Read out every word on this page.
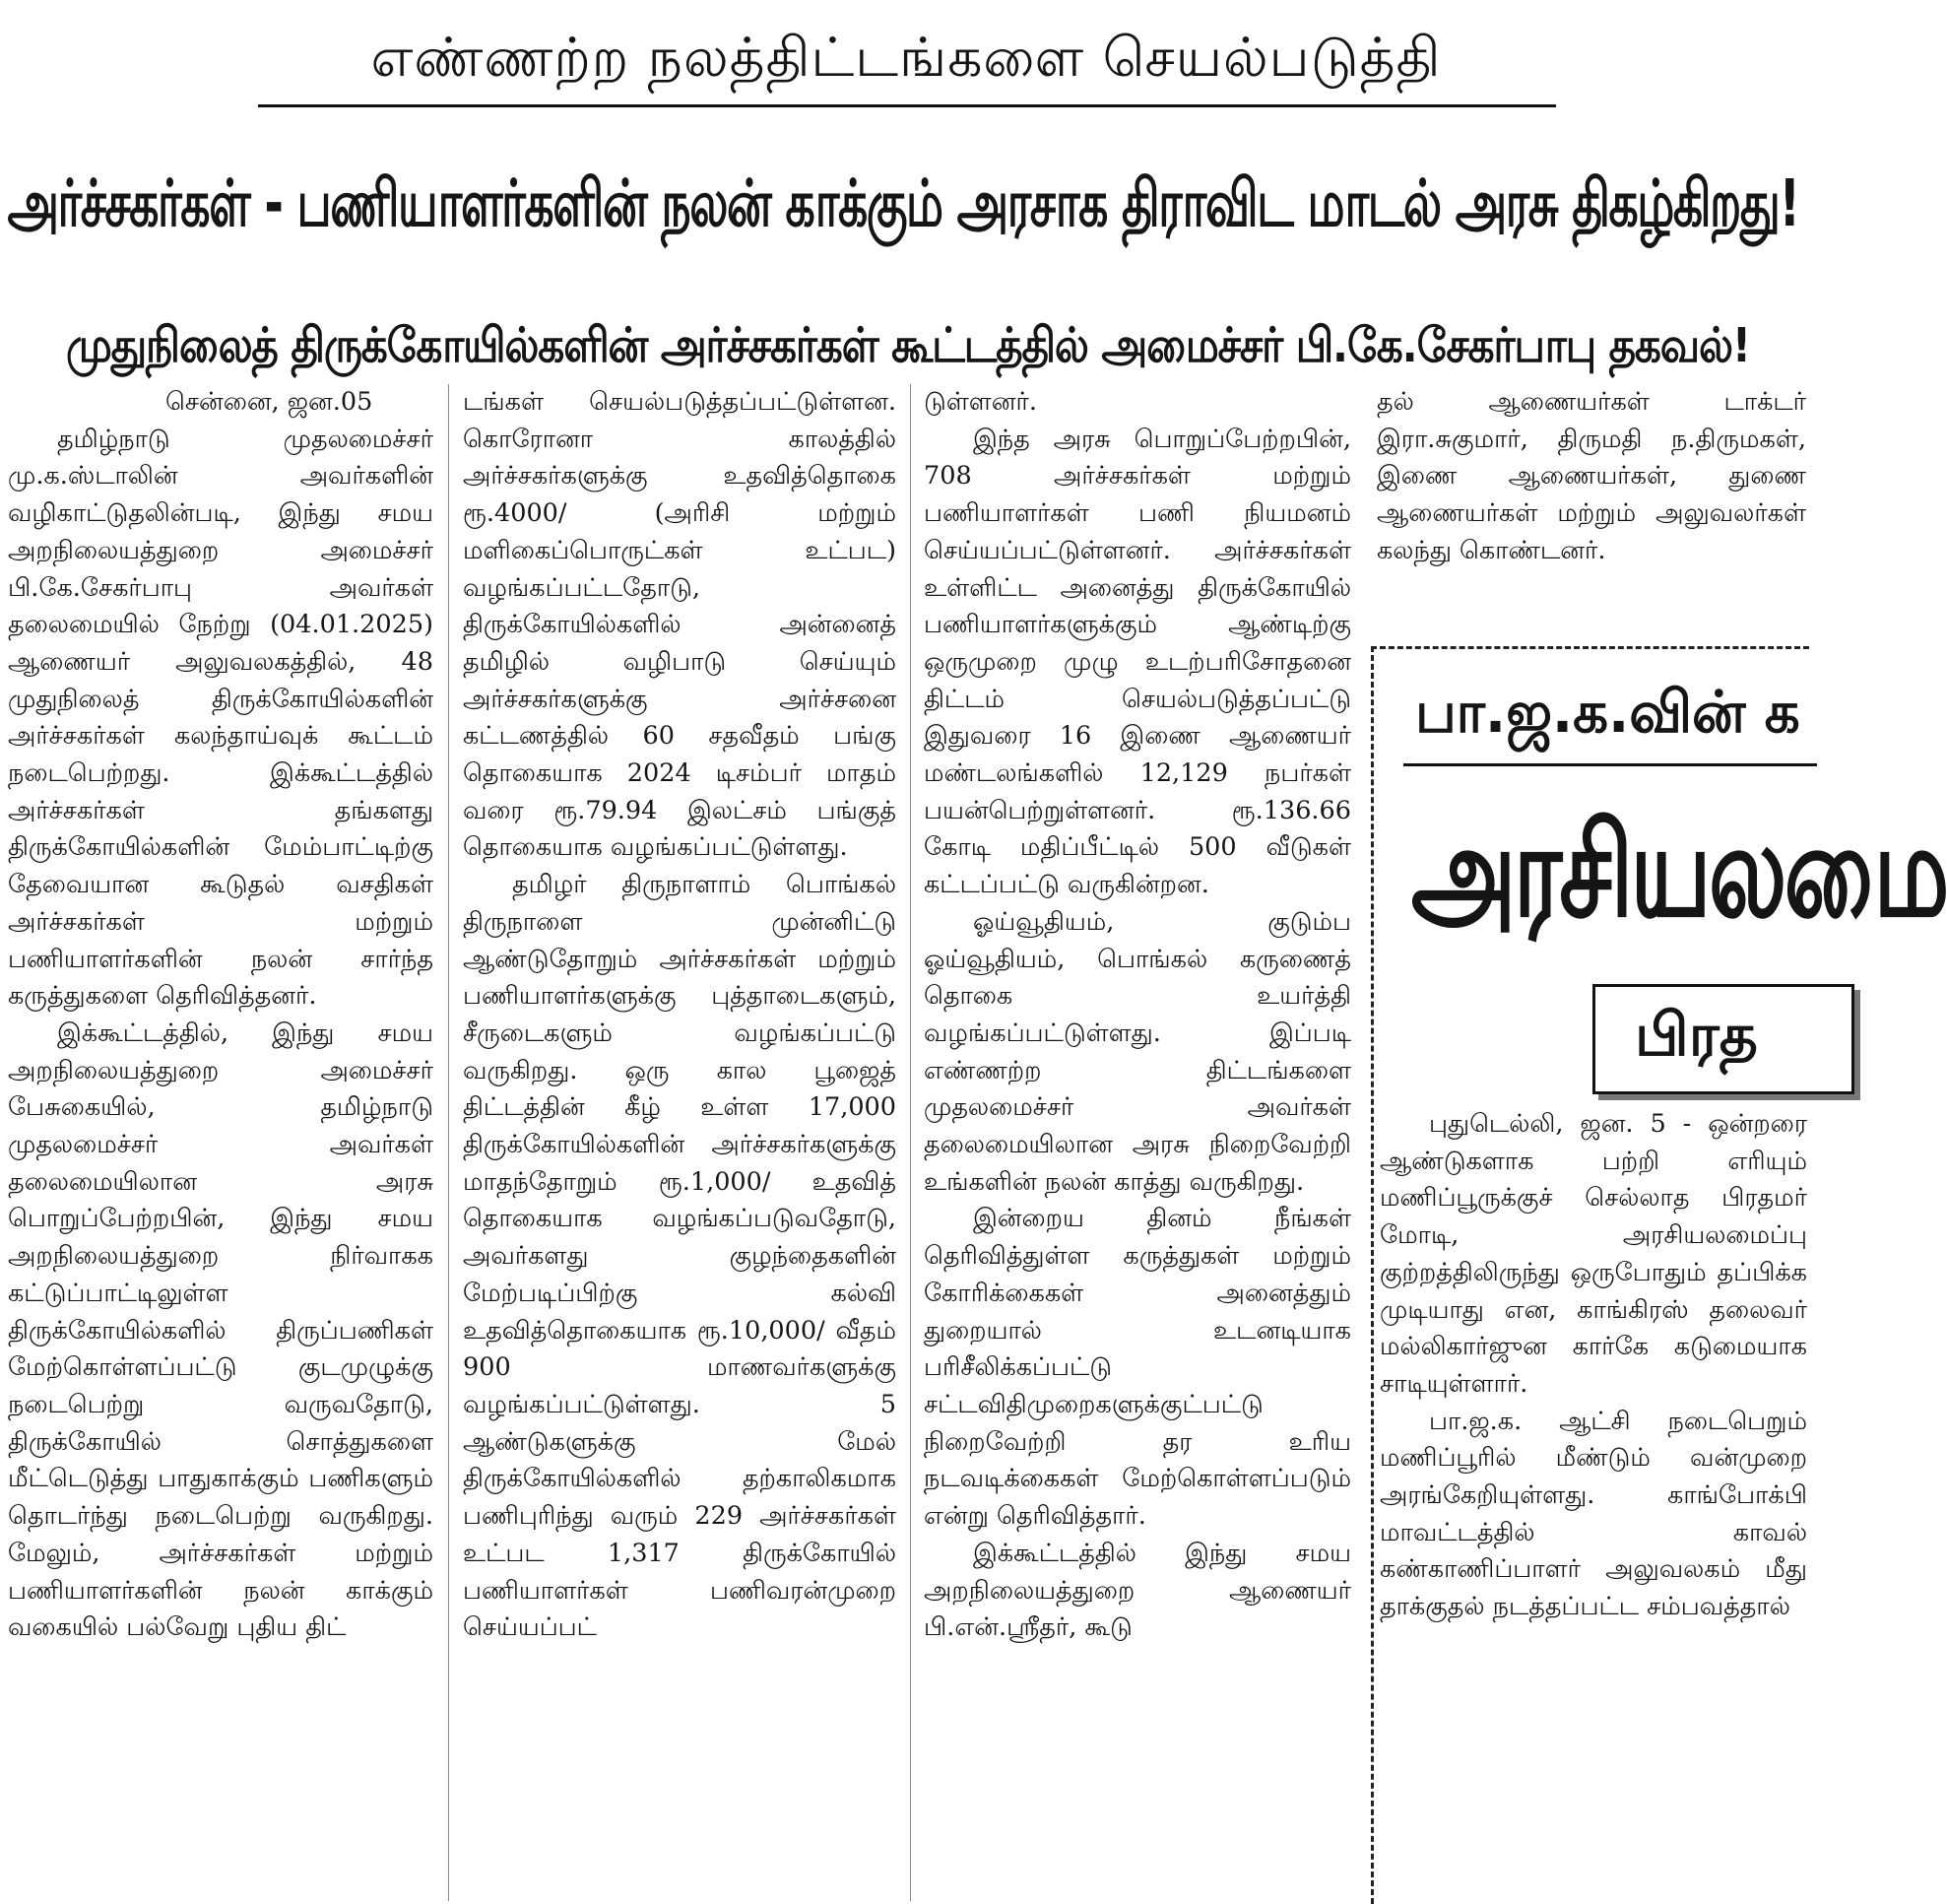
எண்ணற்ற நலத்திட்டங்களை செயல்படுத்தி
அர்ச்சகர்கள் - பணியாளர்களின் நலன் காக்கும் அரசாக திராவிட மாடல் அரசு திகழ்கிறது!
முதுநிலைத் திருக்கோயில்களின் அர்ச்சகர்கள் கூட்டத்தில் அமைச்சர் பி.கே.சேகர்பாபு தகவல்!

சென்னை, ஜன.05

தமிழ்நாடு முதலமைச்சர் மு.க.ஸ்டாலின் அவர்களின் வழிகாட்டுதலின்படி, இந்து சமய அறநிலையத்துறை அமைச்சர் பி.கே.சேகர்பாபு அவர்கள் தலைமையில் நேற்று (04.01.2025) ஆணையர் அலுவலகத்தில், 48 முதுநிலைத் திருக்கோயில்களின் அர்ச்சகர்கள் கலந்தாய்வுக் கூட்டம் நடைபெற்றது. இக்கூட்டத்தில் அர்ச்சகர்கள் தங்களது திருக்கோயில்களின் மேம்பாட்டிற்கு தேவையான கூடுதல் வசதிகள் அர்ச்சகர்கள் மற்றும் பணியாளர்களின் நலன் சார்ந்த கருத்துகளை தெரிவித்தனர்.

இக்கூட்டத்தில், இந்து சமய அறநிலையத்துறை அமைச்சர் பேசுகையில், தமிழ்நாடு முதலமைச்சர் அவர்கள் தலைமையிலான அரசு பொறுப்பேற்றபின், இந்து சமய அறநிலையத்துறை நிர்வாகக கட்டுப்பாட்டிலுள்ள திருக்கோயில்களில் திருப்பணிகள் மேற்கொள்ளப்பட்டு குடமுழுக்கு நடைபெற்று வருவதோடு, திருக்கோயில் சொத்துகளை மீட்டெடுத்து பாதுகாக்கும் பணிகளும் தொடர்ந்து நடைபெற்று வருகிறது. மேலும், அர்ச்சகர்கள் மற்றும் பணியாளர்களின் நலன் காக்கும் வகையில் பல்வேறு புதிய திட்

டங்கள் செயல்படுத்தப்பட்டுள்ளன. கொரோனா காலத்தில் அர்ச்சகர்களுக்கு உதவித்தொகை ரூ.4000/ (அரிசி மற்றும் மளிகைப்பொருட்கள் உட்பட) வழங்கப்பட்டதோடு, திருக்கோயில்களில் அன்னைத் தமிழில் வழிபாடு செய்யும் அர்ச்சகர்களுக்கு அர்ச்சனை கட்டணத்தில் 60 சதவீதம் பங்கு தொகையாக 2024 டிசம்பர் மாதம் வரை ரூ.79.94 இலட்சம் பங்குத் தொகையாக வழங்கப்பட்டுள்ளது.

தமிழர் திருநாளாம் பொங்கல் திருநாளை முன்னிட்டு ஆண்டுதோறும் அர்ச்சகர்கள் மற்றும் பணியாளர்களுக்கு புத்தாடைகளும், சீருடைகளும் வழங்கப்பட்டு வருகிறது. ஒரு கால பூஜைத் திட்டத்தின் கீழ் உள்ள 17,000 திருக்கோயில்களின் அர்ச்சகர்களுக்கு மாதந்தோறும் ரூ.1,000/ உதவித் தொகையாக வழங்கப்படுவதோடு, அவர்களது குழந்தைகளின் மேற்படிப்பிற்கு கல்வி உதவித்தொகையாக ரூ.10,000/ வீதம் 900 மாணவர்களுக்கு வழங்கப்பட்டுள்ளது. 5 ஆண்டுகளுக்கு மேல் திருக்கோயில்களில் தற்காலிகமாக பணிபுரிந்து வரும் 229 அர்ச்சகர்கள் உட்பட 1,317 திருக்கோயில் பணியாளர்கள் பணிவரன்முறை செய்யப்பட்

டுள்ளனர்.

இந்த அரசு பொறுப்பேற்றபின், 708 அர்ச்சகர்கள் மற்றும் பணியாளர்கள் பணி நியமனம் செய்யப்பட்டுள்ளனர். அர்ச்சகர்கள் உள்ளிட்ட அனைத்து திருக்கோயில் பணியாளர்களுக்கும் ஆண்டிற்கு ஒருமுறை முழு உடற்பரிசோதனை திட்டம் செயல்படுத்தப்பட்டு இதுவரை 16 இணை ஆணையர் மண்டலங்களில் 12,129 நபர்கள் பயன்பெற்றுள்ளனர். ரூ.136.66 கோடி மதிப்பீட்டில் 500 வீடுகள் கட்டப்பட்டு வருகின்றன.

ஓய்வூதியம், குடும்ப ஓய்வூதியம், பொங்கல் கருணைத் தொகை உயர்த்தி வழங்கப்பட்டுள்ளது. இப்படி எண்ணற்ற திட்டங்களை முதலமைச்சர் அவர்கள் தலைமையிலான அரசு நிறைவேற்றி உங்களின் நலன் காத்து வருகிறது.

இன்றைய தினம் நீங்கள் தெரிவித்துள்ள கருத்துகள் மற்றும் கோரிக்கைகள் அனைத்தும் துறையால் உடனடியாக பரிசீலிக்கப்பட்டு சட்டவிதிமுறைகளுக்குட்பட்டு நிறைவேற்றி தர உரிய நடவடிக்கைகள் மேற்கொள்ளப்படும் என்று தெரிவித்தார்.

இக்கூட்டத்தில் இந்து சமய அறநிலையத்துறை ஆணையர் பி.என்.ஸ்ரீதர், கூடு

தல் ஆணையர்கள் டாக்டர் இரா.சுகுமார், திருமதி ந.திருமகள், இணை ஆணையர்கள், துணை ஆணையர்கள் மற்றும் அலுவலர்கள் கலந்து கொண்டனர்.

பா.ஜ.க.வின் க
அரசியலமை
பிரத

புதுடெல்லி, ஜன. 5 - ஒன்றரை ஆண்டுகளாக பற்றி எரியும் மணிப்பூருக்குச் செல்லாத பிரதமர் மோடி, அரசியலமைப்பு குற்றத்திலிருந்து ஒருபோதும் தப்பிக்க முடியாது என, காங்கிரஸ் தலைவர் மல்லிகார்ஜுன கார்கே கடுமையாக சாடியுள்ளார்.

பா.ஜ.க. ஆட்சி நடைபெறும் மணிப்பூரில் மீண்டும் வன்முறை அரங்கேறியுள்ளது. காங்போக்பி மாவட்டத்தில் காவல் கண்காணிப்பாளர் அலுவலகம் மீது தாக்குதல் நடத்தப்பட்ட சம்பவத்தால்
